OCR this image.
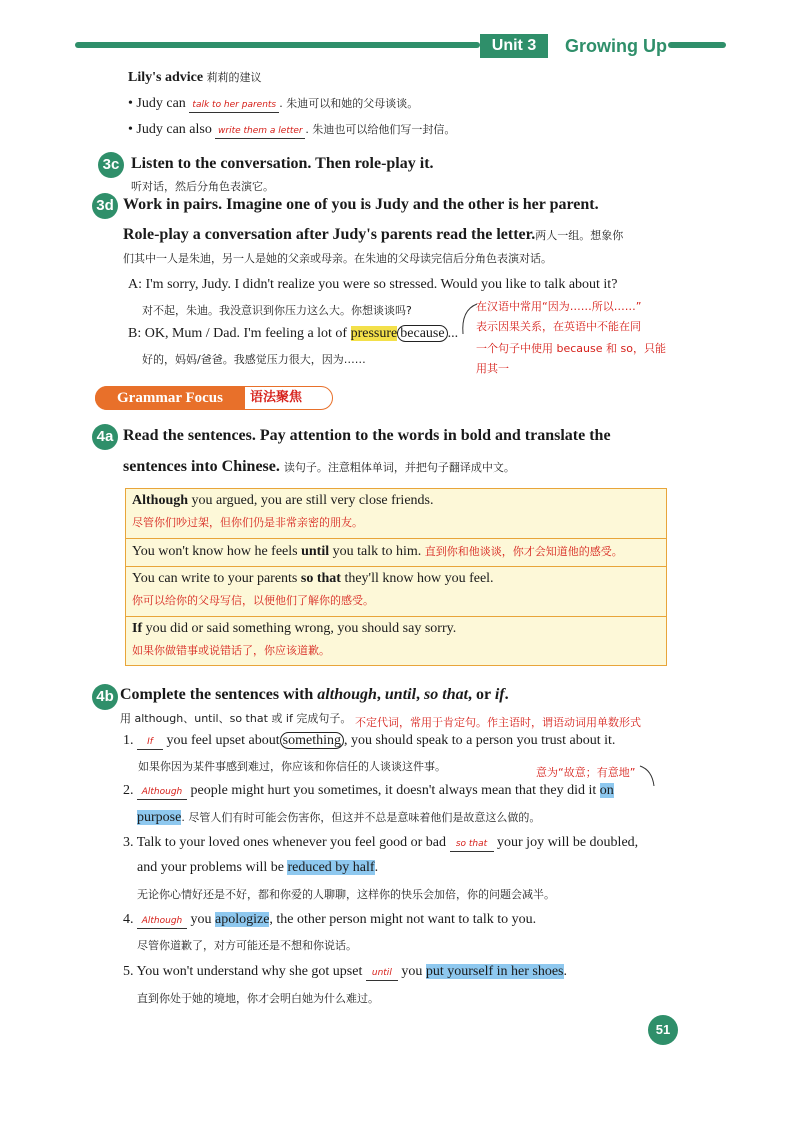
Unit 3	Growing Up
Lily's advice 莉莉的建议
• Judy can talk to her parents . 朱迪可以和她的父母谈谈。
• Judy can also write them a letter . 朱迪也可以给他们写一封信。
3c Listen to the conversation. Then role-play it.
听对话，然后分角色表演它。
3d Work in pairs. Imagine one of you is Judy and the other is her parent.
Role-play a conversation after Judy's parents read the letter.两人一组。想象你
们其中一人是朱迪，另一人是她的父亲或母亲。在朱迪的父母读完信后分角色表演对话。
A: I'm sorry, Judy. I didn't realize you were so stressed. Would you like to talk about it?
对不起，朱迪。我没意识到你压力这么大。你想谈谈吗?
B: OK, Mum / Dad. I'm feeling a lot of pressure because ...
好的，妈妈/爸爸。我感觉压力很大，因为……
在汉语中常用“因为……所以……”
表示因果关系，在英语中不能在同
一个句子中使用 because 和 so，只能
用其一
Grammar Focus	语法聚焦
4a Read the sentences. Pay attention to the words in bold and translate the
sentences into Chinese. 读句子。注意粗体单词，并把句子翻译成中文。
Although you argued, you are still very close friends.
尽管你们吵过架，但你们仍是非常亲密的朋友。
You won't know how he feels until you talk to him. 直到你和他谈谈，你才会知道他的感受。
You can write to your parents so that they'll know how you feel.
你可以给你的父母写信，以便他们了解你的感受。
If you did or said something wrong, you should say sorry.
如果你做错事或说错话了，你应该道歉。
4b Complete the sentences with although, until, so that, or if.
用 although、until、so that 或 if 完成句子。 不定代词，常用于肯定句。作主语时，谓语动词用单数形式
1. If you feel upset about something , you should speak to a person you trust about it.
如果你因为某件事感到难过，你应该和你信任的人谈谈这件事。	意为“故意；有意地”
2. Although people might hurt you sometimes, it doesn't always mean that they did it on
purpose. 尽管人们有时可能会伤害你，但这并不总是意味着他们是故意这么做的。
3. Talk to your loved ones whenever you feel good or bad so that your joy will be doubled,
and your problems will be reduced by half.
无论你心情好还是不好，都和你爱的人聊聊，这样你的快乐会加倍，你的问题会减半。
4. Although you apologize, the other person might not want to talk to you.
尽管你道歉了，对方可能还是不想和你说话。
5. You won't understand why she got upset until you put yourself in her shoes.
直到你处于她的境地，你才会明白她为什么难过。
51
